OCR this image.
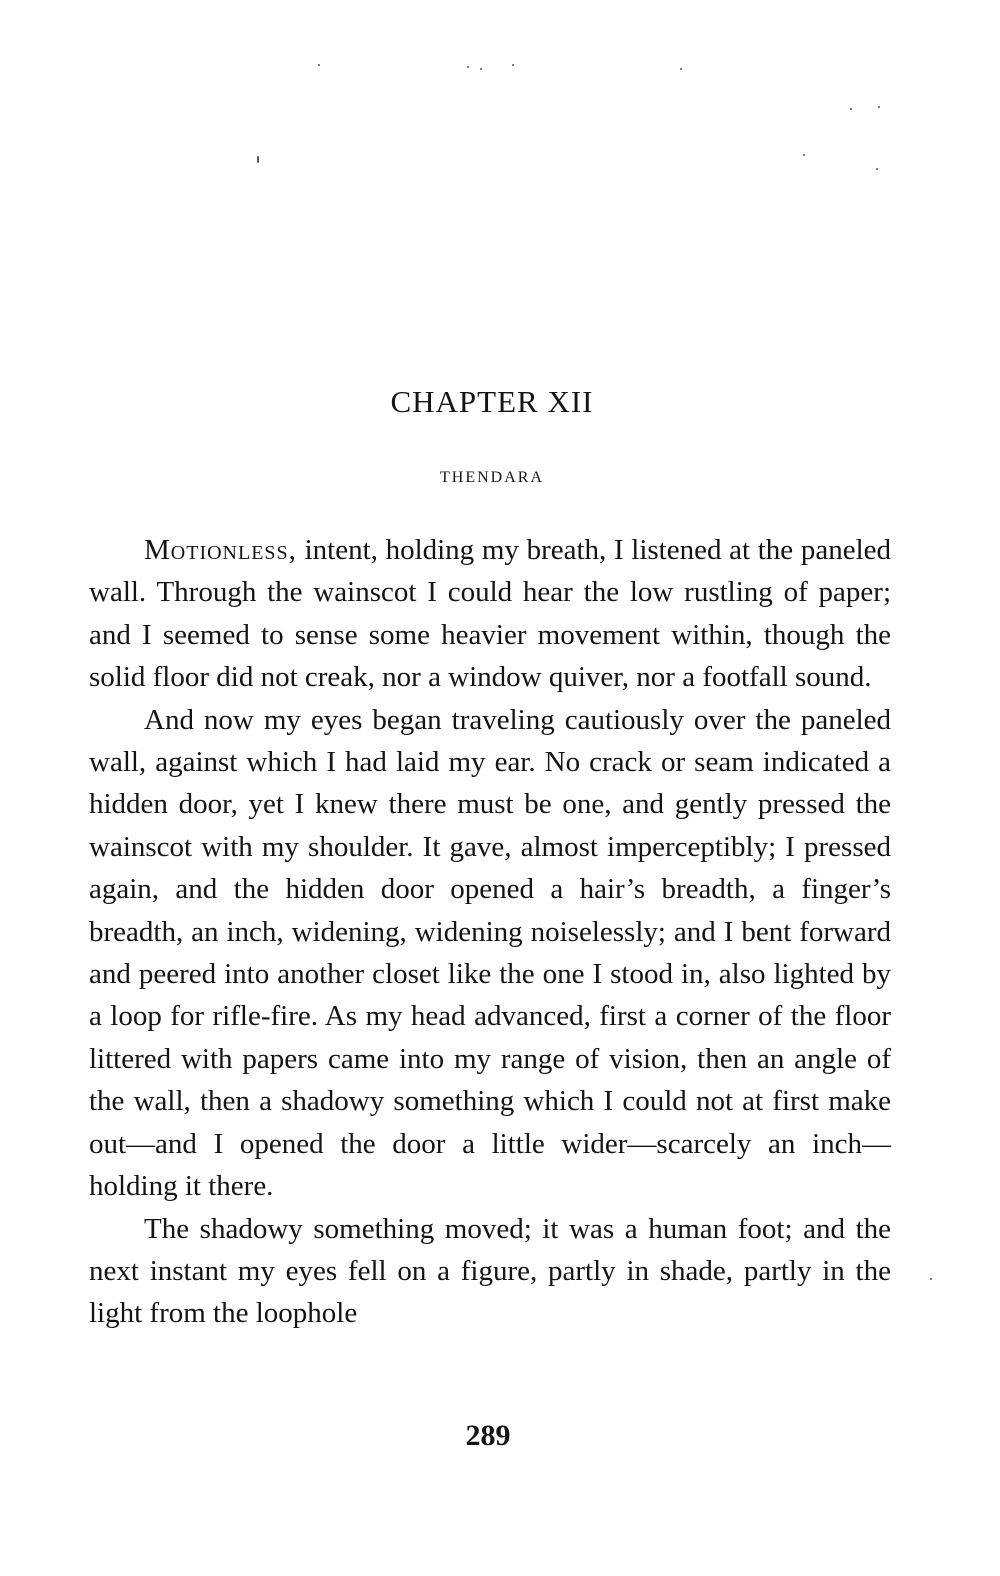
CHAPTER XII
THENDARA

Motionless, intent, holding my breath, I listened at the paneled wall. Through the wainscot I could hear the low rustling of paper; and I seemed to sense some heavier movement within, though the solid floor did not creak, nor a window quiver, nor a footfall sound.

And now my eyes began traveling cautiously over the paneled wall, against which I had laid my ear. No crack or seam indicated a hidden door, yet I knew there must be one, and gently pressed the wainscot with my shoulder. It gave, almost imperceptibly; I pressed again, and the hidden door opened a hair’s breadth, a finger’s breadth, an inch, widening, widening noiselessly; and I bent forward and peered into another closet like the one I stood in, also lighted by a loop for rifle-fire. As my head advanced, first a corner of the floor littered with papers came into my range of vision, then an angle of the wall, then a shadowy something which I could not at first make out—and I opened the door a little wider—scarcely an inch—holding it there.

The shadowy something moved; it was a human foot; and the next instant my eyes fell on a figure, partly in shade, partly in the light from the loophole

289
